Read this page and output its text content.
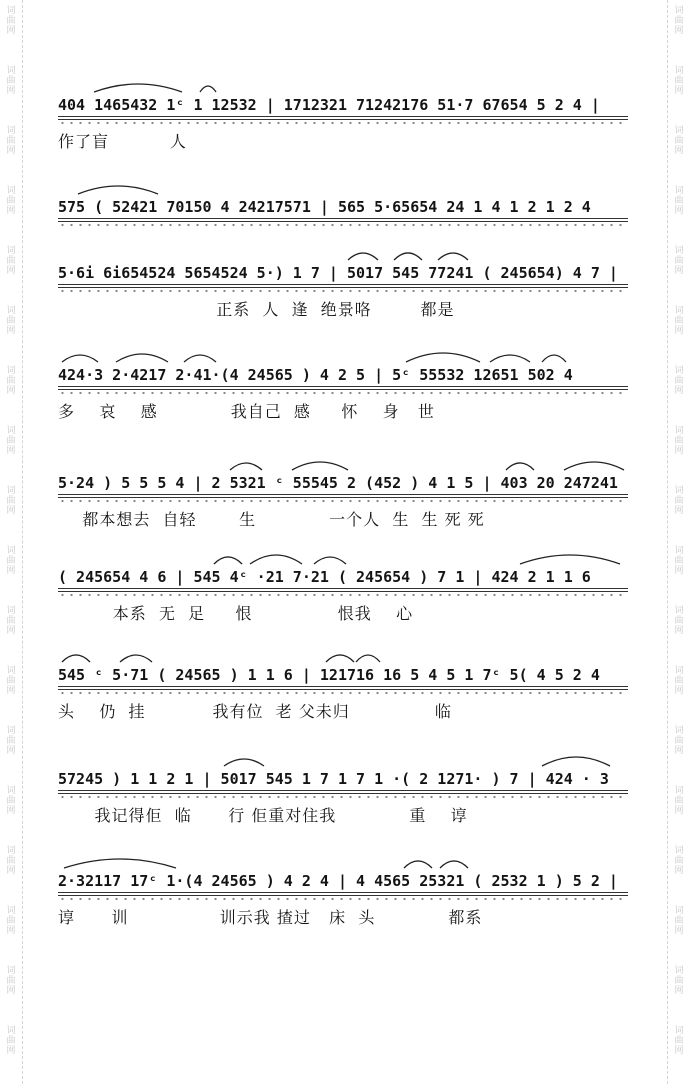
词曲网
词曲网
词曲网
词曲网
词曲网
词曲网
词曲网
词曲网
词曲网
词曲网
词曲网
词曲网
词曲网
词曲网
词曲网
词曲网
词曲网
词曲网
词曲网
词曲网
词曲网
词曲网
词曲网
词曲网
词曲网
词曲网
词曲网
词曲网
词曲网
词曲网
词曲网
词曲网
词曲网
词曲网
词曲网
词曲网
404 1465432 1ᶜ 1 12532 | 1712321 71242176 51·7 67654 5 2 4 |
作了盲          人
575 ( 52421 70150 4 24217571 | 565 5·65654 24 1 4 1 2 1 2 4
5·6i 6i654524 5654524 5·) 1 7 | 5017 545 77241 ( 245654) 4 7 |
正系  人  逢  绝景咯        都是
424·3 2·4217 2·41·(4 24565 ) 4 2 5 | 5ᶜ 55532 12651 502 4
多    哀    感            我自己  感     怀    身   世
5·24 ) 5 5 5 4 | 2 5321 ᶜ 55545 2 (452 ) 4 1 5 | 403 20 247241
都本想去  自轻       生            一个人  生  生 死 死
( 245654 4 6 | 545 4ᶜ ·21 7·21 ( 245654 ) 7 1 | 424 2 1 1 6
本系  无  足     恨              恨我    心
545 ᶜ 5·71 ( 24565 ) 1 1 6 | 121716 16 5 4 5 1 7ᶜ 5( 4 5 2 4
头    仍  挂           我有位  老 父未归              临
57245 ) 1 1 2 1 | 5017 545 1 7 1 7 1 ·( 2 1271· ) 7 | 424 · 3
我记得佢  临      行 佢重对住我            重    谆
2·32117 17ᶜ 1·(4 24565 ) 4 2 4 | 4 4565 25321 ( 2532 1 ) 5 2 |
谆      训               训示我 揸过   床  头            都系
